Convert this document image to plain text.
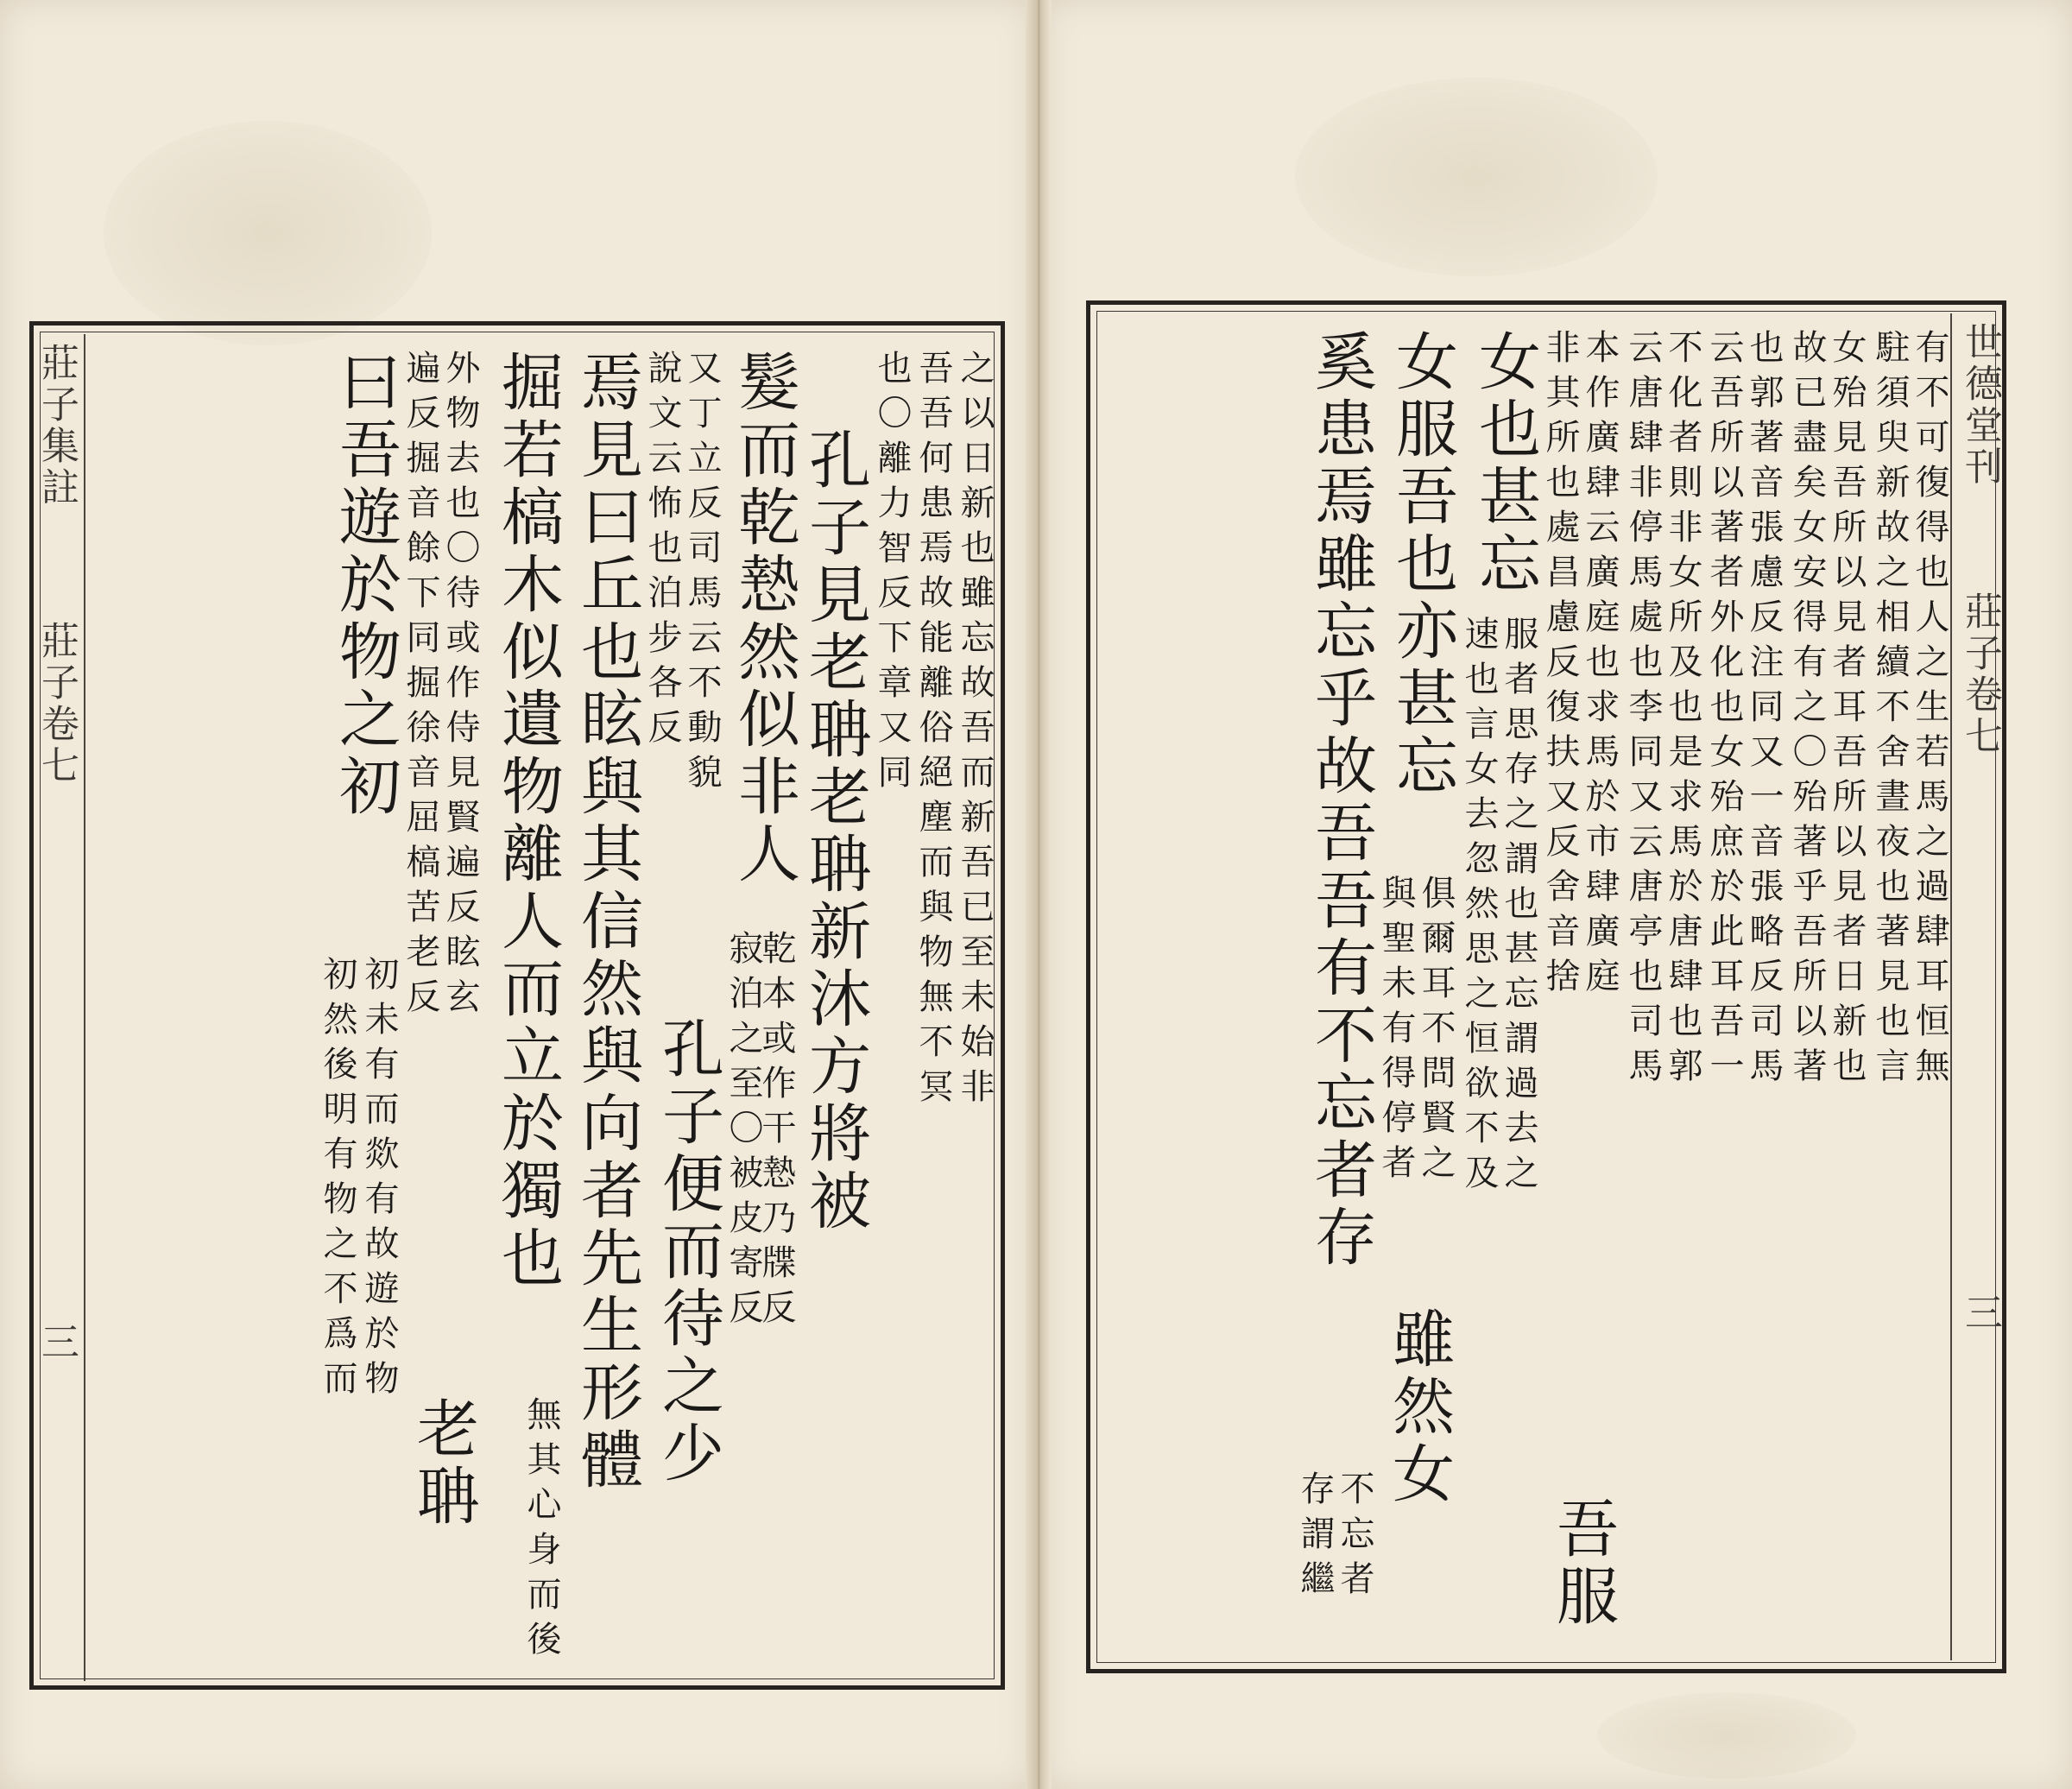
莊子集註莊子卷七三
之以日新也雖忘故吾而新吾已至未始非
吾吾何患焉故能離俗絕塵而與物無不冥
也〇離力智反下章又同
孔子見老聃老聃新沐方將被
髮而乾慹然似非人
乾本或作干慹乃牒反
寂泊之至〇被皮寄反
又丁立反司馬云不動貌
說文云怖也泊步各反
孔子便而待之少
焉見曰丘也眩與其信然與向者先生形體
掘若槁木似遺物離人而立於獨也
無其心身而後
外物去也〇待或作侍見賢遍反眩玄
遍反掘音餘下同掘徐音屈槁苦老反
老聃
曰吾遊於物之初
初未有而欻有故遊於物
初然後明有物之不爲而
世德堂刊莊子卷七三
有不可復得也人之生若馬之過肆耳恒無
駐須臾新故之相續不舍晝夜也著見也言
女殆見吾所以見者耳吾所以見者日新也
故已盡矣女安得有之〇殆著乎吾所以著
也郭著音張慮反注同又一音張略反司馬
云吾所以著者外化也女殆庶於此耳吾一
不化者則非女所及也是求馬於唐肆也郭
云唐肆非停馬處也李同又云唐亭也司馬
本作廣肆云廣庭也求馬於市肆廣庭
非其所也處昌慮反復扶又反舍音捨
吾服
女也甚忘
服者思存之謂也甚忘謂過去之
速也言女去忽然思之恒欲不及
女服吾也亦甚忘
俱爾耳不問賢之
與聖未有得停者
雖然女
奚患焉雖忘乎故吾吾有不忘者存
不忘者
存謂繼
